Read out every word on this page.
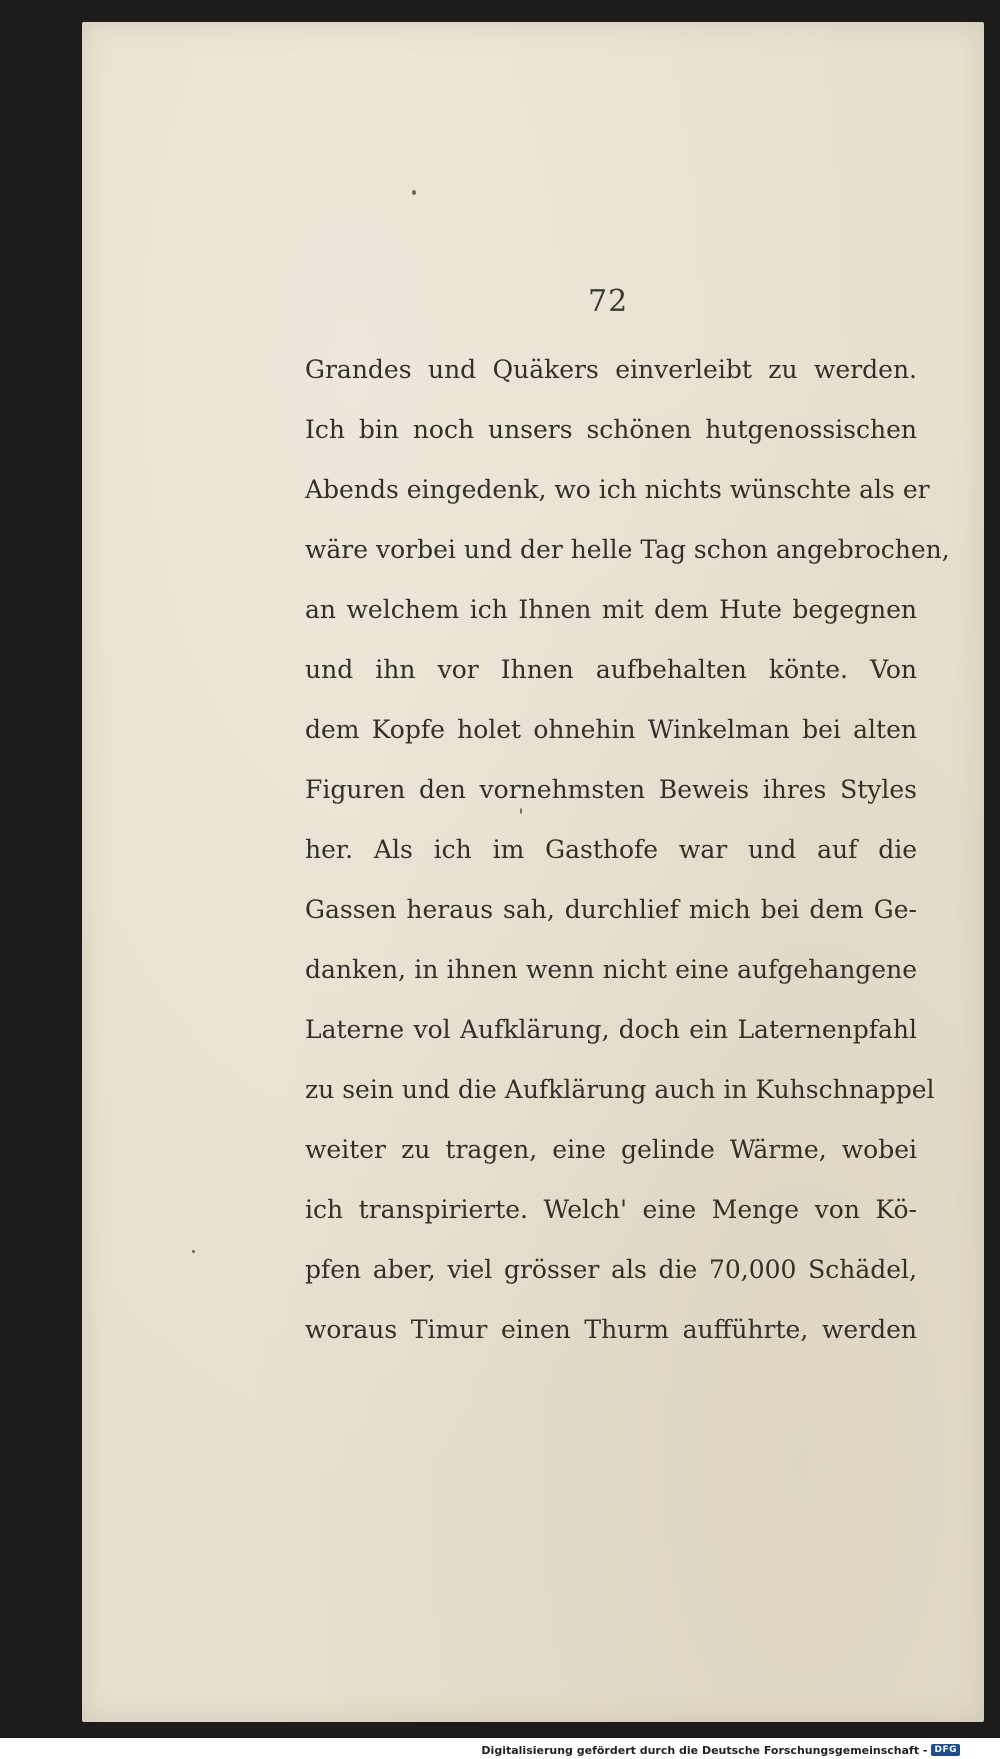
72
Grandes und Quäkers einverleibt zu werden.
Ich bin noch unsers schönen hutgenossischen
Abends eingedenk, wo ich nichts wünschte als er
wäre vorbei und der helle Tag schon angebrochen,
an welchem ich Ihnen mit dem Hute begegnen
und ihn vor Ihnen aufbehalten könte. Von
dem Kopfe holet ohnehin Winkelman bei alten
Figuren den vornehmsten Beweis ihres Styles
her. Als ich im Gasthofe war und auf die
Gassen heraus sah, durchlief mich bei dem Ge-
danken, in ihnen wenn nicht eine aufgehangene
Laterne vol Aufklärung, doch ein Laternenpfahl
zu sein und die Aufklärung auch in Kuhschnappel
weiter zu tragen, eine gelinde Wärme, wobei
ich transpirierte. Welch' eine Menge von Kö-
pfen aber, viel grösser als die 70,000 Schädel,
woraus Timur einen Thurm aufführte, werden
Digitalisierung gefördert durch die Deutsche Forschungsgemeinschaft - DFG
